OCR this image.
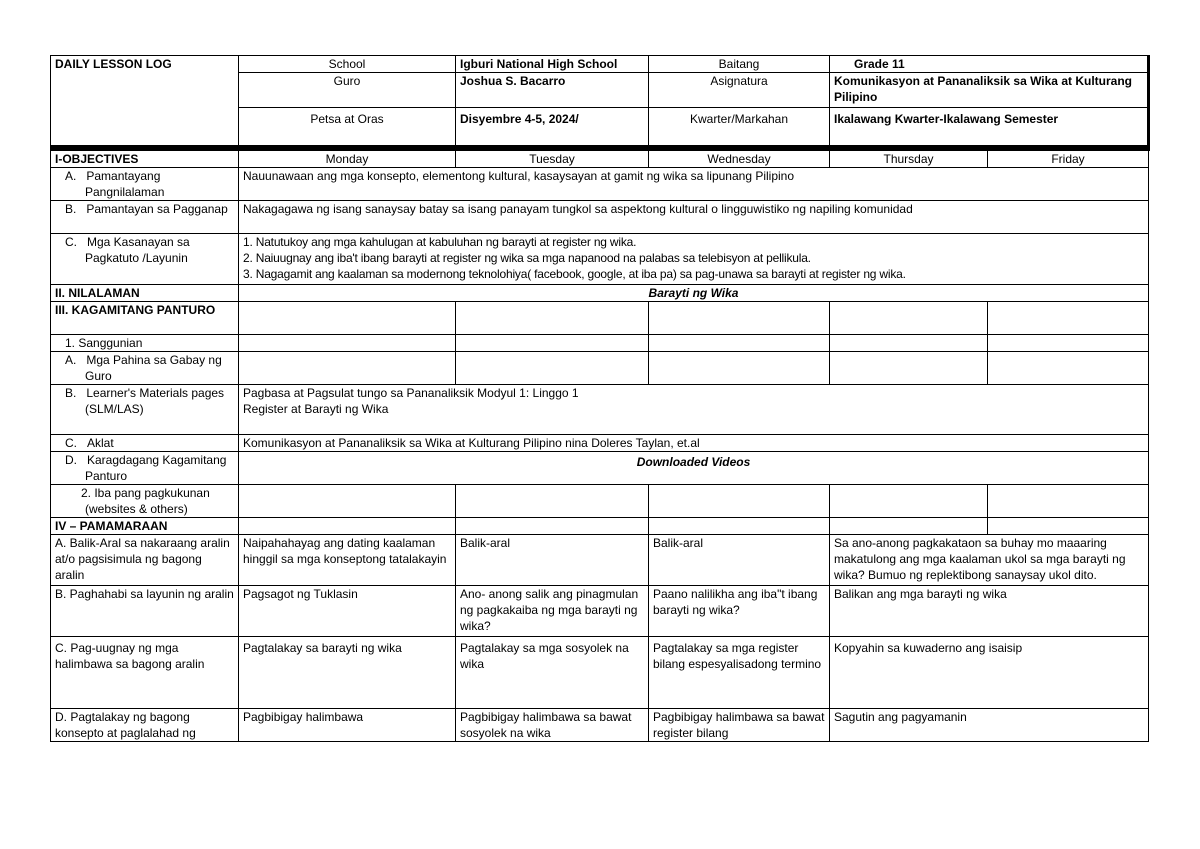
DAILY LESSON LOG	School	Igburi National High School	Baitang	Grade 11	
	Guro	Joshua S. Bacarro	Asignatura	Komunikasyon at Pananaliksik sa Wika at Kulturang Pilipino	
	Petsa at Oras	Disyembre 4-5, 2024/	Kwarter/Markahan	Ikalawang Kwarter-Ikalawang Semester	
I-OBJECTIVES	Monday	Tuesday	Wednesday	Thursday	Friday
A.   Pamantayang Pangnilalaman	Nauunawaan ang mga konsepto, elementong kultural, kasaysayan at gamit ng wika sa lipunang Pilipino				
B.   Pamantayan sa Pagganap	Nakagagawa ng isang sanaysay batay sa isang panayam tungkol sa aspektong kultural o lingguwistiko ng napiling komunidad				
C.   Mga Kasanayan sa Pagkatuto /Layunin	1. Natutukoy ang mga kahulugan at kabuluhan ng barayti at register ng wika.
2. Naiuugnay ang iba't ibang barayti at register ng wika sa mga napanood na palabas sa telebisyon at pellikula.
3. Nagagamit ang kaalaman sa modernong teknolohiya( facebook, google, at iba pa) sa pag-unawa sa barayti at register ng wika.				

II. NILALAMAN	Barayti ng Wika				
III. KAGAMITANG PANTURO					
1. Sanggunian					
A.   Mga Pahina sa Gabay ng Guro					
B.   Learner's Materials pages (SLM/LAS)	Pagbasa at Pagsulat tungo sa Pananaliksik Modyul 1: Linggo 1
Register at Barayti ng Wika				

C.   Aklat	Komunikasyon at Pananaliksik sa Wika at Kulturang Pilipino nina Doleres Taylan, et.al				
D.   Karagdagang Kagamitang Panturo	Downloaded Videos				
2. Iba pang pagkukunan (websites & others)					
IV – PAMAMARAAN					
A. Balik-Aral sa nakaraang aralin at/o pagsisimula ng bagong aralin	Naipahahayag ang dating kaalaman hinggil sa mga konseptong tatalakayin	Balik-aral	Balik-aral	Sa ano-anong pagkakataon sa buhay mo maaaring makatulong ang mga kaalaman ukol sa mga barayti ng wika? Bumuo ng replektibong sanaysay ukol dito.	
B. Paghahabi sa layunin ng aralin	Pagsagot ng Tuklasin	Ano- anong salik ang pinagmulan ng pagkakaiba ng mga barayti ng wika?	Paano nalilikha ang iba"t ibang barayti ng wika?	Balikan ang mga barayti ng wika	
C. Pag-uugnay ng mga halimbawa sa bagong aralin	Pagtalakay sa barayti ng wika	Pagtalakay sa mga sosyolek na wika	Pagtalakay sa mga register bilang espesyalisadong termino	Kopyahin sa kuwaderno ang isaisip	
D. Pagtalakay ng bagong konsepto at paglalahad ng	Pagbibigay halimbawa	Pagbibigay halimbawa sa bawat sosyolek na wika	Pagbibigay halimbawa sa bawat register bilang	Sagutin ang pagyamanin	
